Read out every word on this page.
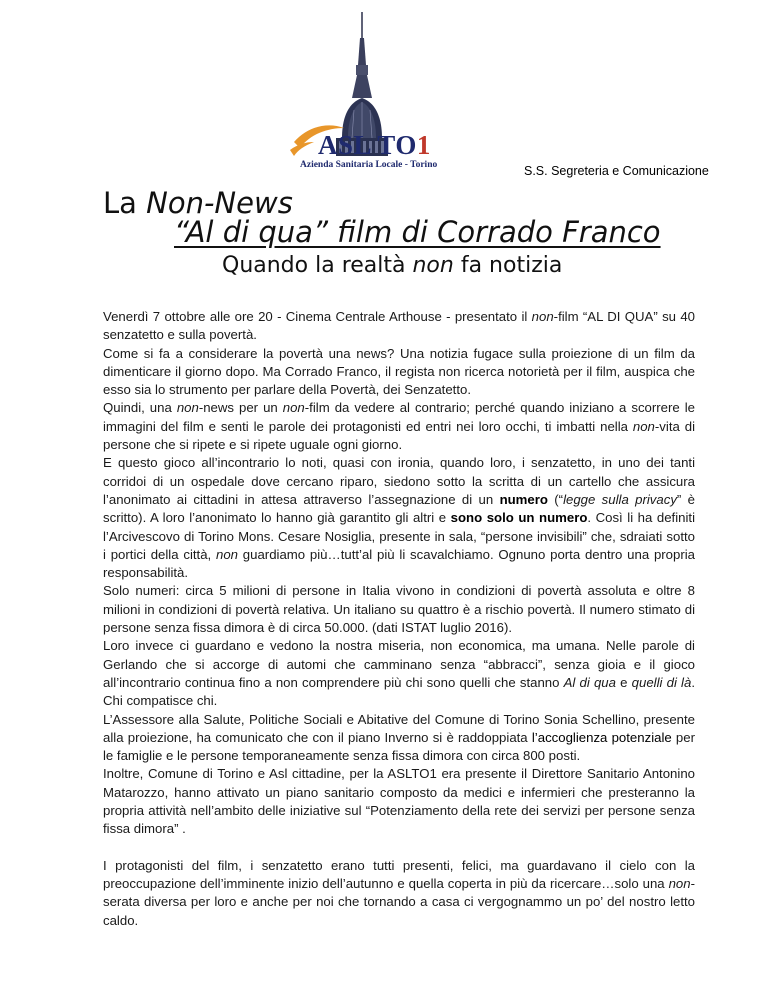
ASL TO1
Azienda Sanitaria Locale - Torino	S.S. Segreteria e Comunicazione
La Non-News
“Al di qua” film di Corrado Franco
Quando la realtà non fa notizia

Venerdì 7 ottobre alle ore 20 - Cinema Centrale Arthouse - presentato il non-film “AL DI QUA” su 40 senzatetto e sulla povertà.

Come si fa a considerare la povertà una news? Una notizia fugace sulla proiezione di un film da dimenticare il giorno dopo. Ma Corrado Franco, il regista non ricerca notorietà per il film, auspica che esso sia lo strumento per parlare della Povertà, dei Senzatetto.

Quindi, una non-news per un non-film da vedere al contrario; perché quando iniziano a scorrere le immagini del film e senti le parole dei protagonisti ed entri nei loro occhi, ti imbatti nella non-vita di persone che si ripete e si ripete uguale ogni giorno.

E questo gioco all’incontrario lo noti, quasi con ironia, quando loro, i senzatetto, in uno dei tanti corridoi di un ospedale dove cercano riparo, siedono sotto la scritta di un cartello che assicura l’anonimato ai cittadini in attesa attraverso l’assegnazione di un numero (“legge sulla privacy” è scritto). A loro l’anonimato lo hanno già garantito gli altri e sono solo un numero. Così li ha definiti l’Arcivescovo di Torino Mons. Cesare Nosiglia, presente in sala, “persone invisibili” che, sdraiati sotto i portici della città, non guardiamo più…tutt’al più li scavalchiamo. Ognuno porta dentro una propria responsabilità.

Solo numeri: circa 5 milioni di persone in Italia vivono in condizioni di povertà assoluta e oltre 8 milioni in condizioni di povertà relativa. Un italiano su quattro è a rischio povertà. Il numero stimato di persone senza fissa dimora è di circa 50.000. (dati ISTAT luglio 2016).

Loro invece ci guardano e vedono la nostra miseria, non economica, ma umana. Nelle parole di Gerlando che si accorge di automi che camminano senza “abbracci”, senza gioia e il gioco all’incontrario continua fino a non comprendere più chi sono quelli che stanno Al di qua e quelli di là. Chi compatisce chi.

L’Assessore alla Salute, Politiche Sociali e Abitative del Comune di Torino Sonia Schellino, presente alla proiezione, ha comunicato che con il piano Inverno si è raddoppiata l’accoglienza potenziale per le famiglie e le persone temporaneamente senza fissa dimora con circa 800 posti.

Inoltre, Comune di Torino e Asl cittadine, per la ASLTO1 era presente il Direttore Sanitario Antonino Matarozzo, hanno attivato un piano sanitario composto da medici e infermieri che presteranno la propria attività nell’ambito delle iniziative sul “Potenziamento della rete dei servizi per persone senza fissa dimora” .

I protagonisti del film, i senzatetto erano tutti presenti, felici, ma guardavano il cielo con la preoccupazione dell’imminente inizio dell’autunno e quella coperta in più da ricercare…solo una non-serata diversa per loro e anche per noi che tornando a casa ci vergognammo un po’ del nostro letto caldo.
